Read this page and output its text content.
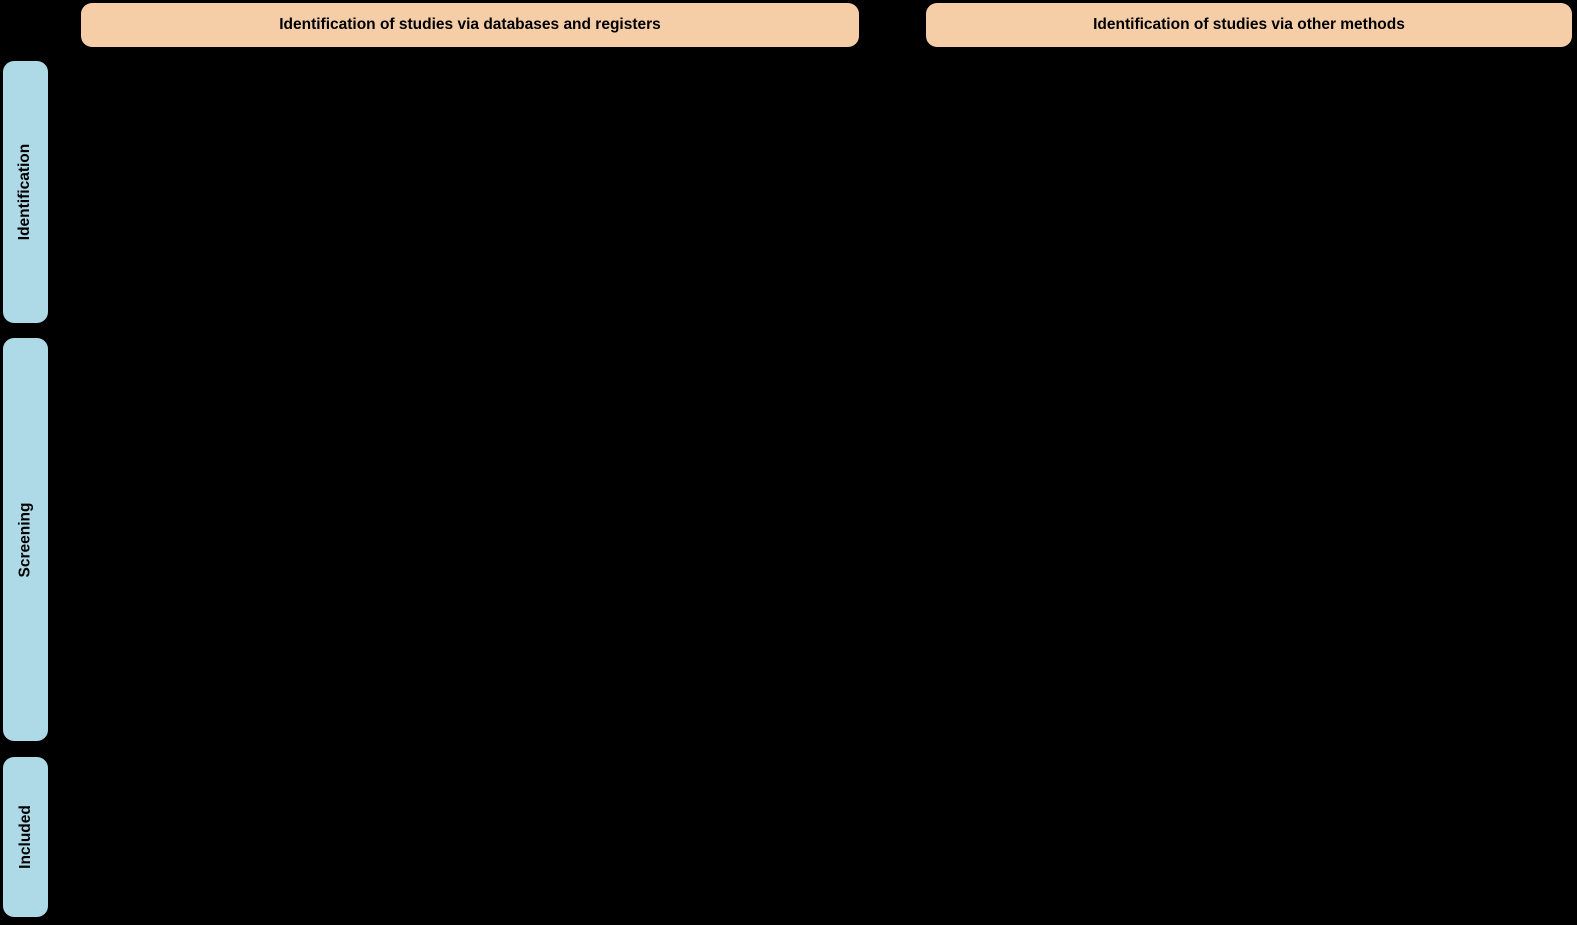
Identification of studies via databases and registers	Identification of studies via other methods
Identification
Screening
Included
